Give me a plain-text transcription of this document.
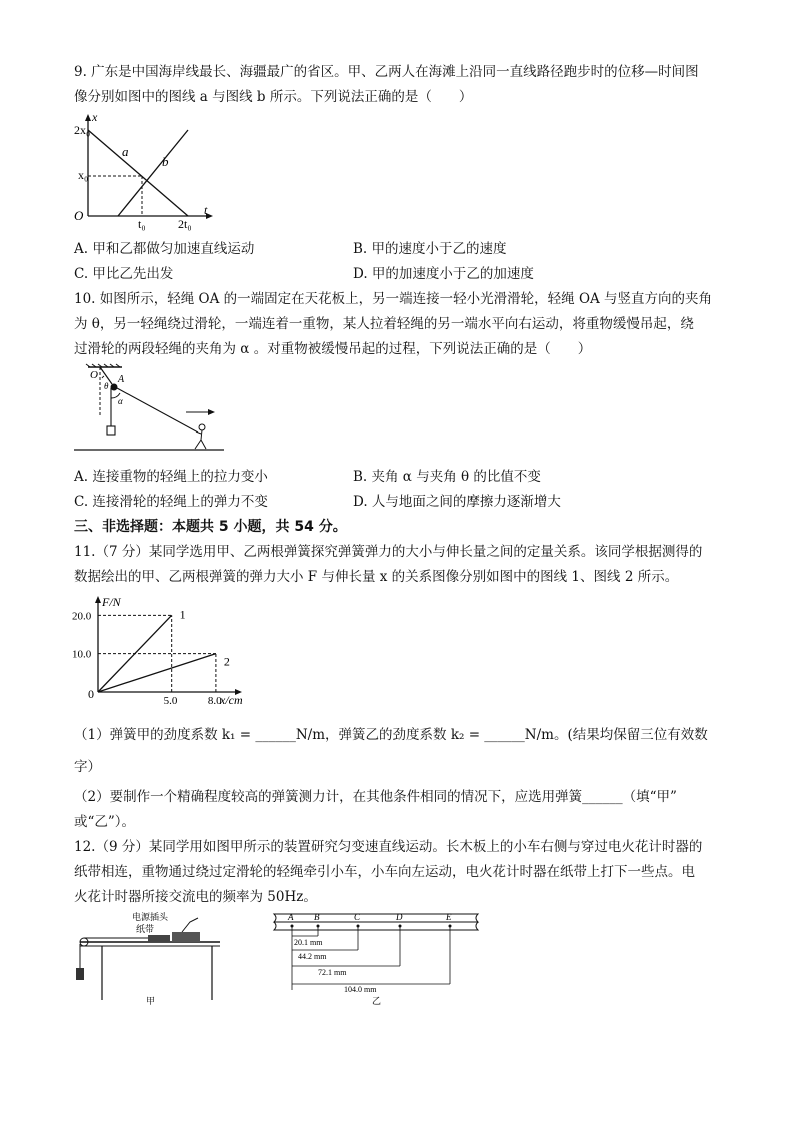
9. 广东是中国海岸线最长、海疆最广的省区。甲、乙两人在海滩上沿同一直线路径跑步时的位移—时间图
像分别如图中的图线 a 与图线 b 所示。下列说法正确的是（　　）
2x₀
x₀
x
O
t₀	2t₀
t
a
b
A. 甲和乙都做匀加速直线运动	B. 甲的速度小于乙的速度
C. 甲比乙先出发	D. 甲的加速度小于乙的加速度
10. 如图所示，轻绳 OA 的一端固定在天花板上，另一端连接一轻小光滑滑轮，轻绳 OA 与竖直方向的夹角
为 θ，另一轻绳绕过滑轮，一端连着一重物，某人拉着轻绳的另一端水平向右运动，将重物缓慢吊起，绕
过滑轮的两段轻绳的夹角为 α 。对重物被缓慢吊起的过程，下列说法正确的是（　　）
O A
θ
α
A. 连接重物的轻绳上的拉力变小	B. 夹角 α 与夹角 θ 的比值不变
C. 连接滑轮的轻绳上的弹力不变	D. 人与地面之间的摩擦力逐渐增大
三、非选择题：本题共 5 小题，共 54 分。
11.（7 分）某同学选用甲、乙两根弹簧探究弹簧弹力的大小与伸长量之间的定量关系。该同学根据测得的
数据绘出的甲、乙两根弹簧的弹力大小 F 与伸长量 x 的关系图像分别如图中的图线 1、图线 2 所示。
1
5.0
20.0
2
8.0
10.0
F/N
x/cm
0
（1）弹簧甲的劲度系数 k₁ = ______N/m，弹簧乙的劲度系数 k₂ = ______N/m。(结果均保留三位有效数
字）
（2）要制作一个精确程度较高的弹簧测力计，在其他条件相同的情况下，应选用弹簧______（填“甲”
或“乙”）。
12.（9 分）某同学用如图甲所示的装置研究匀变速直线运动。长木板上的小车右侧与穿过电火花计时器的
纸带相连，重物通过绕过定滑轮的轻绳牵引小车，小车向左运动，电火花计时器在纸带上打下一些点。电
火花计时器所接交流电的频率为 50Hz。
电源插头
纸带
甲
A B	C	D	E
20.1 mm
44.2 mm
72.1 mm
104.0 mm
乙
